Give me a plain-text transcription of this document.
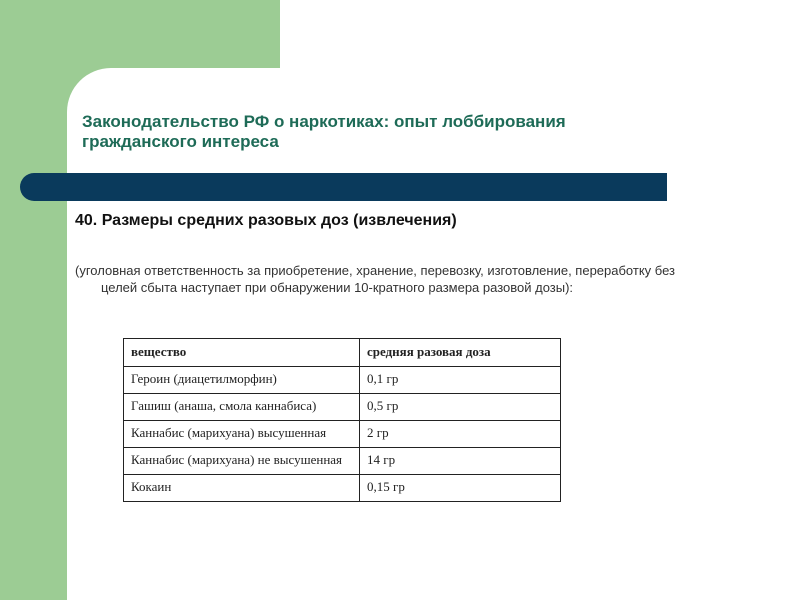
Законодательство РФ о наркотиках: опыт лоббирования гражданского интереса
40. Размеры средних разовых доз (извлечения)

(уголовная ответственность за приобретение, хранение, перевозку, изготовление, переработку без целей сбыта наступает при обнаружении 10-кратного размера разовой дозы):

вещество	средняя разовая доза

Героин (диацетилморфин)	0,1 гр

Гашиш (анаша, смола каннабиса)	0,5 гр

Каннабис (марихуана) высушенная	2 гр

Каннабис (марихуана) не высушенная	14 гр

Кокаин	0,15 гр
